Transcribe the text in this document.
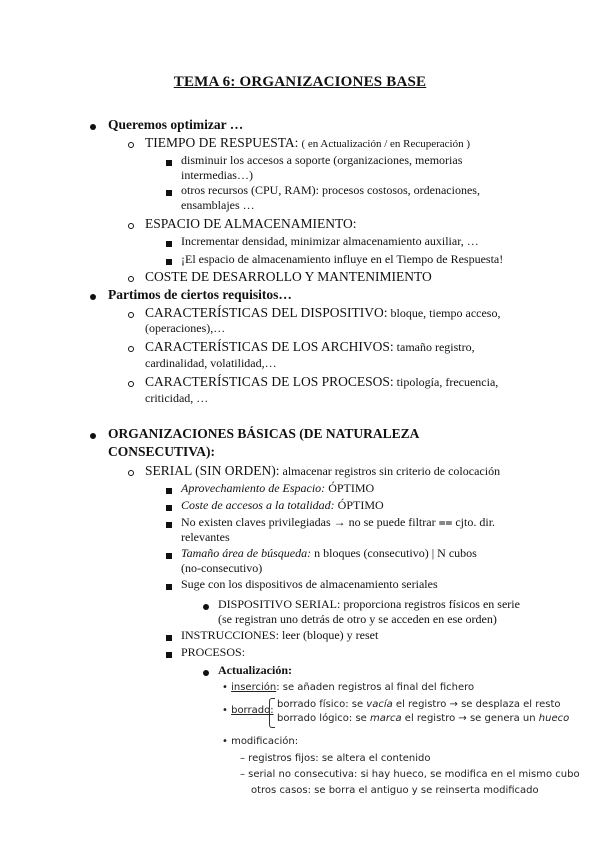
TEMA 6: ORGANIZACIONES BASE
Queremos optimizar …
TIEMPO DE RESPUESTA: ( en Actualización / en Recuperación )
disminuir los accesos a soporte (organizaciones, memorias
intermedias…)
otros recursos (CPU, RAM): procesos costosos, ordenaciones,
ensamblajes …
ESPACIO DE ALMACENAMIENTO:
Incrementar densidad, minimizar almacenamiento auxiliar, …
¡El espacio de almacenamiento influye en el Tiempo de Respuesta!
COSTE DE DESARROLLO Y MANTENIMIENTO
Partimos de ciertos requisitos…
CARACTERÍSTICAS DEL DISPOSITIVO: bloque, tiempo acceso,
(operaciones),…
CARACTERÍSTICAS DE LOS ARCHIVOS: tamaño registro,
cardinalidad, volatilidad,…
CARACTERÍSTICAS DE LOS PROCESOS: tipología, frecuencia,
criticidad, …
ORGANIZACIONES BÁSICAS (DE NATURALEZA
CONSECUTIVA):
SERIAL (SIN ORDEN): almacenar registros sin criterio de colocación
Aprovechamiento de Espacio: ÓPTIMO
Coste de accesos a la totalidad: ÓPTIMO
No existen claves privilegiadas → no se puede filtrar ⩵ cjto. dir.
relevantes
Tamaño área de búsqueda: n bloques (consecutivo) | N cubos
(no-consecutivo)
Suge con los dispositivos de almacenamiento seriales
DISPOSITIVO SERIAL: proporciona registros físicos en serie
(se registran uno detrás de otro y se acceden en ese orden)
INSTRUCCIONES: leer (bloque) y reset
PROCESOS:
Actualización:
• inserción: se añaden registros al final del fichero
• borrado:
borrado físico: se vacía el registro → se desplaza el resto
borrado lógico: se marca el registro → se genera un hueco
• modificación:
– registros fijos: se altera el contenido
– serial no consecutiva: si hay hueco, se modifica en el mismo cubo
otros casos: se borra el antiguo y se reinserta modificado
